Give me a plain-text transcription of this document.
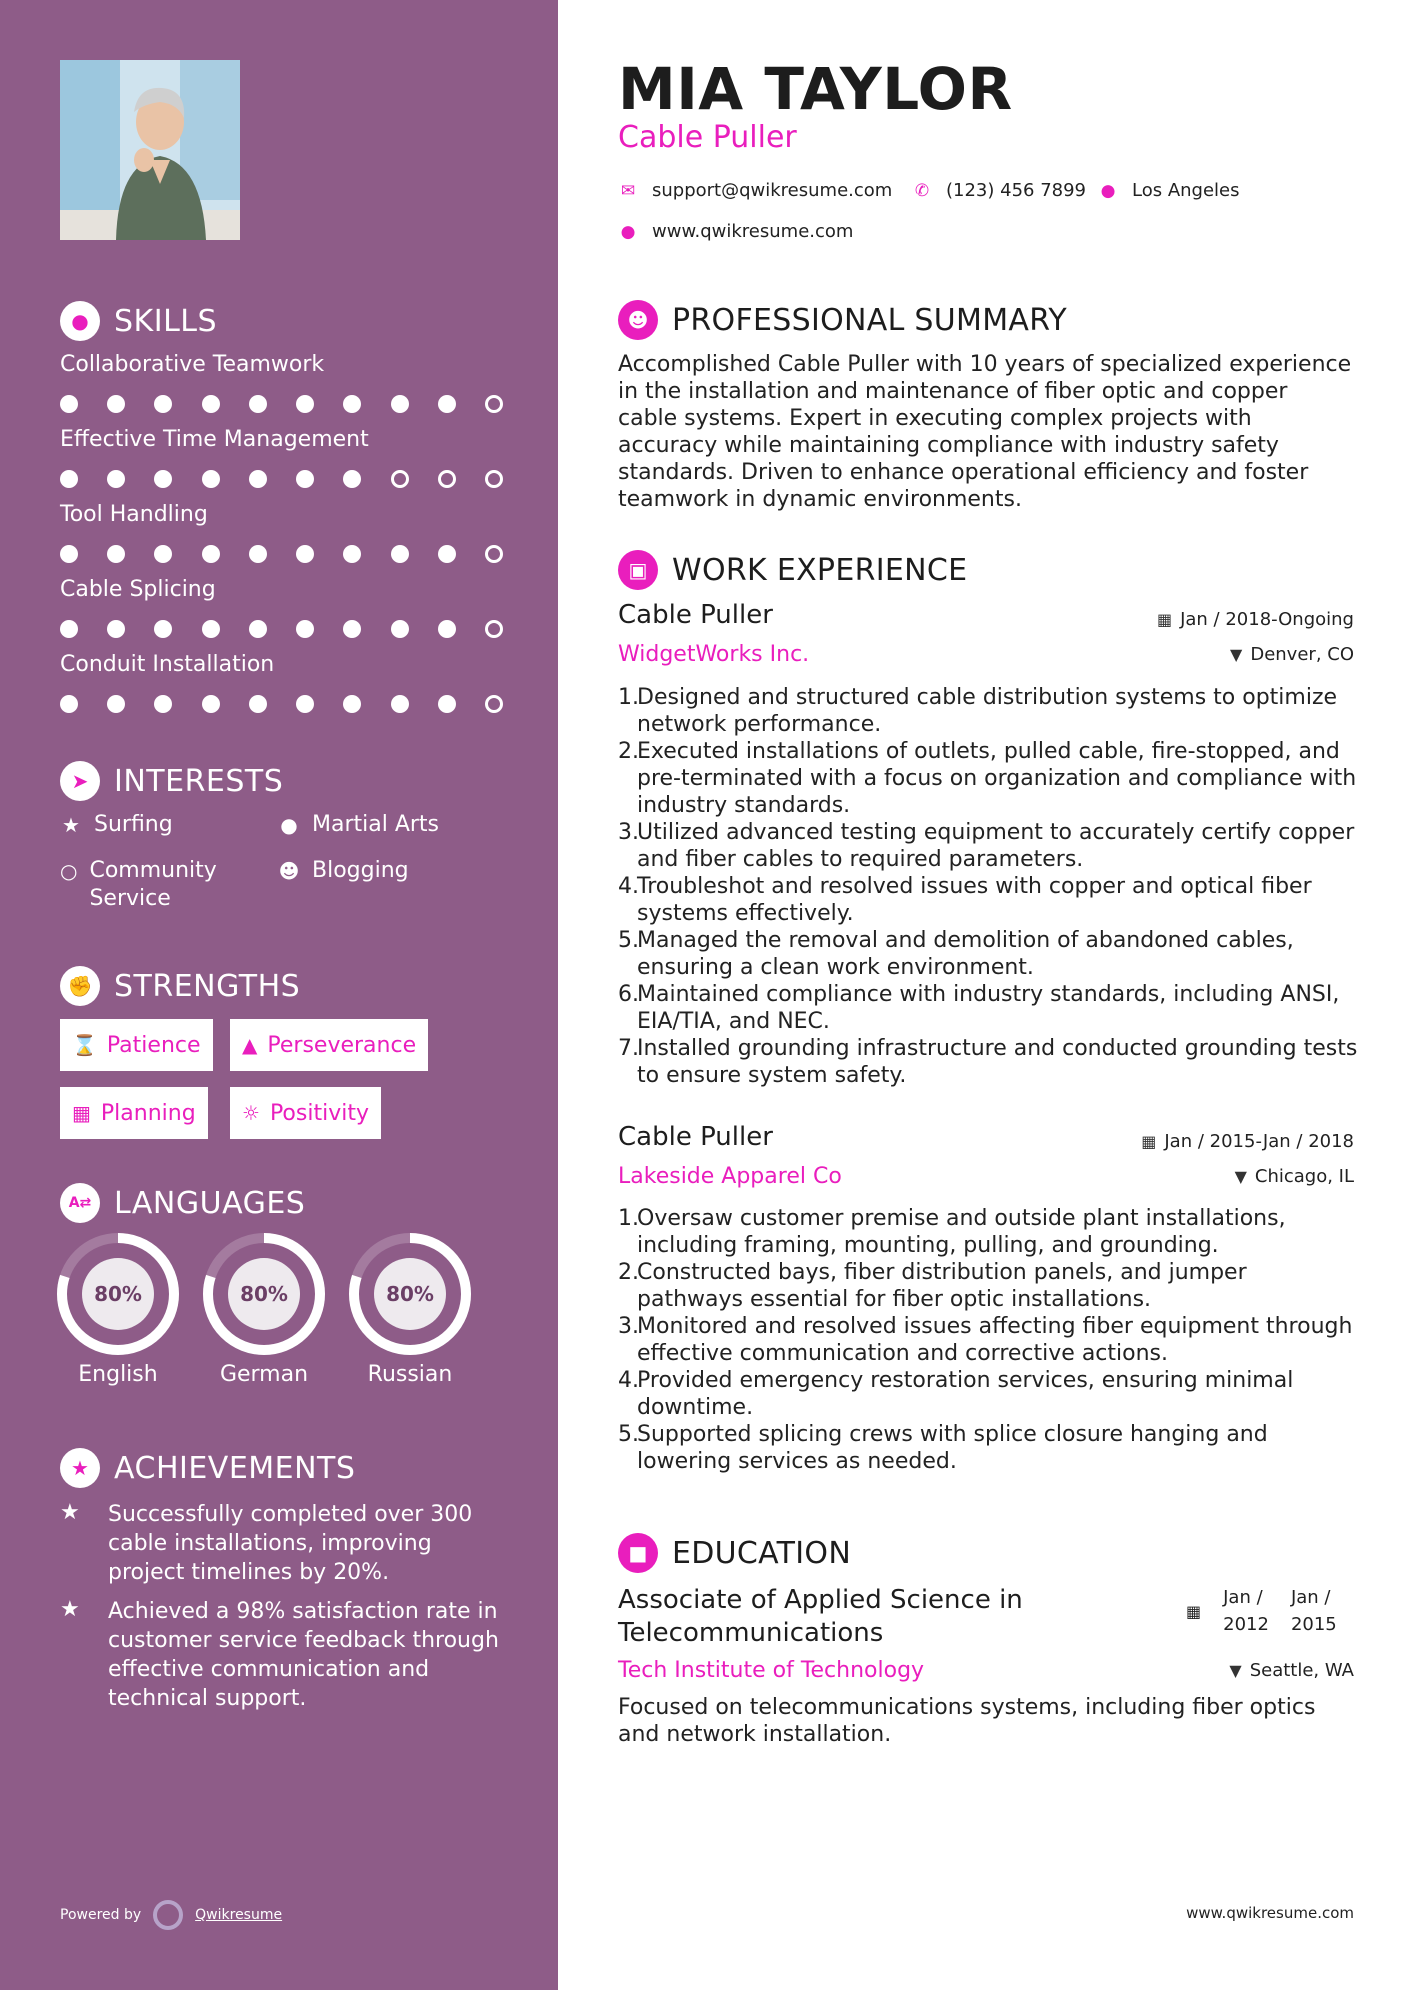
● SKILLS
Collaborative Teamwork
Effective Time Management
Tool Handling
Cable Splicing
Conduit Installation
➤ INTERESTS
★ Surfing	● Martial Arts
○ Community Service
☻ Blogging
✊ STRENGTHS
⌛ Patience ▲ Perseverance
▦ Planning ☼ Positivity
A⇄ LANGUAGES
80%
English
80%
German
80%
Russian
★ ACHIEVEMENTS
★	Successfully completed over 300 cable installations, improving project timelines by 20%.
★	Achieved a 98% satisfaction rate in customer service feedback through effective communication and technical support.
Powered by	Qwikresume
MIA TAYLOR
Cable Puller
✉ support@qwikresume.com ✆ (123) 456 7899 ● Los Angeles
● www.qwikresume.com
☻ PROFESSIONAL SUMMARY
Accomplished Cable Puller with 10 years of specialized experience in the installation and maintenance of fiber optic and copper cable systems. Expert in executing complex projects with accuracy while maintaining compliance with industry safety standards. Driven to enhance operational efficiency and foster teamwork in dynamic environments.
▣ WORK EXPERIENCE
Cable Puller	▦ Jan / 2018-Ongoing
WidgetWorks Inc.	▼ Denver, CO
1.
Designed and structured cable distribution systems to optimize network performance.
2.
Executed installations of outlets, pulled cable, fire-stopped, and pre-terminated with a focus on organization and compliance with industry standards.
3.
Utilized advanced testing equipment to accurately certify copper and fiber cables to required parameters.
4.
Troubleshot and resolved issues with copper and optical fiber systems effectively.
5.
Managed the removal and demolition of abandoned cables, ensuring a clean work environment.
6.
Maintained compliance with industry standards, including ANSI, EIA/TIA, and NEC.
7.
Installed grounding infrastructure and conducted grounding tests to ensure system safety.
Cable Puller	▦ Jan / 2015-Jan / 2018
Lakeside Apparel Co	▼ Chicago, IL
1.
Oversaw customer premise and outside plant installations, including framing, mounting, pulling, and grounding.
2.
Constructed bays, fiber distribution panels, and jumper pathways essential for fiber optic installations.
3.
Monitored and resolved issues affecting fiber equipment through effective communication and corrective actions.
4.
Provided emergency restoration services, ensuring minimal downtime.
5.
Supported splicing crews with splice closure hanging and lowering services as needed.
■ EDUCATION
Associate of Applied Science in Telecommunications
▦
Jan /
2012
Jan /
2015
Tech Institute of Technology	▼ Seattle, WA
Focused on telecommunications systems, including fiber optics and network installation.
www.qwikresume.com
